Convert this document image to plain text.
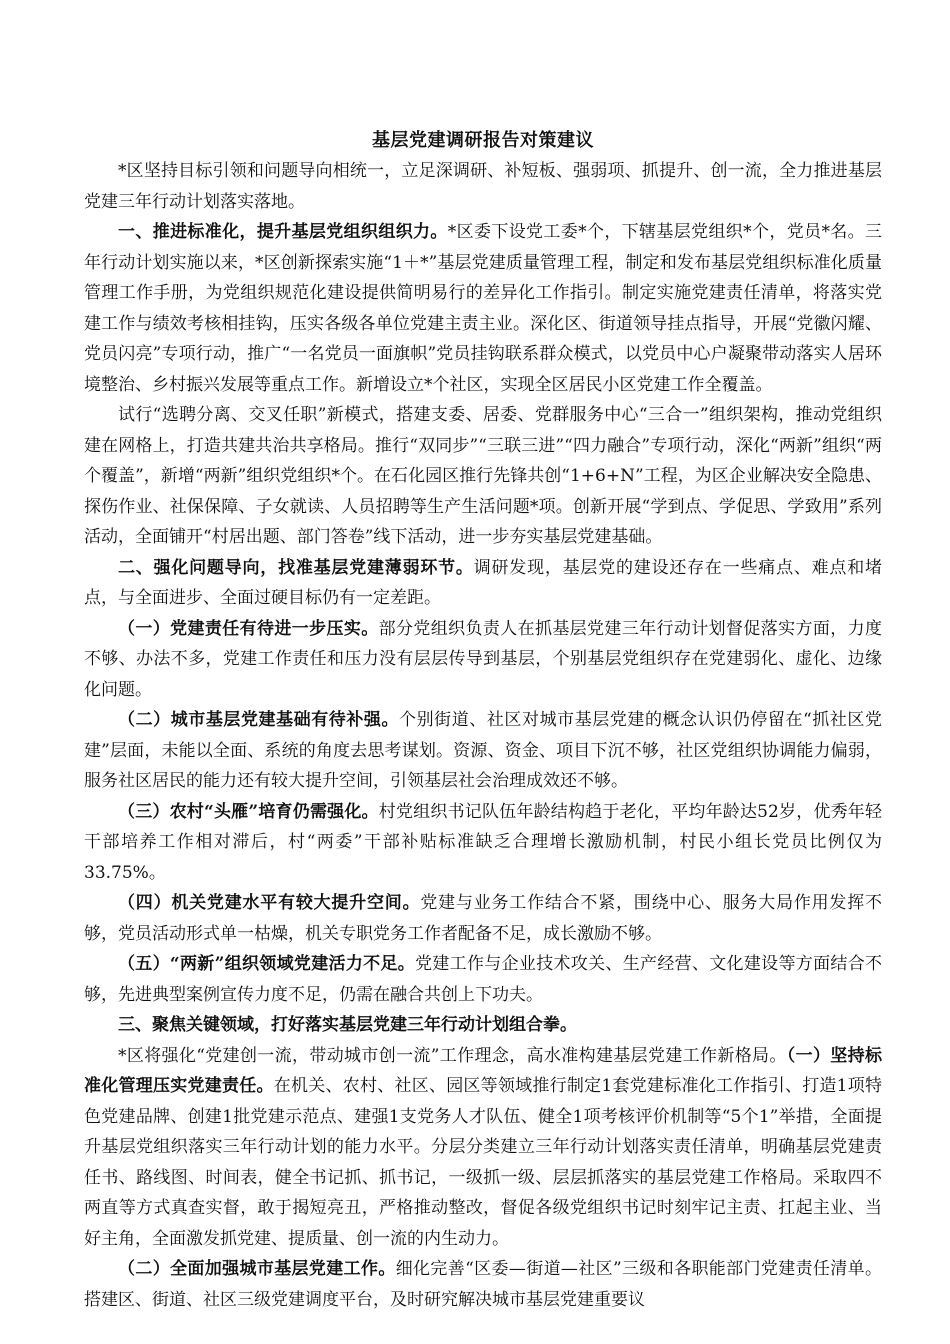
基层党建调研报告对策建议

*区坚持目标引领和问题导向相统一，立足深调研、补短板、强弱项、抓提升、创一流，全力推进基层党建三年行动计划落实落地。

一、推进标准化，提升基层党组织组织力。*区委下设党工委*个，下辖基层党组织*个，党员*名。三年行动计划实施以来，*区创新探索实施“1＋*”基层党建质量管理工程，制定和发布基层党组织标准化质量管理工作手册，为党组织规范化建设提供简明易行的差异化工作指引。制定实施党建责任清单，将落实党建工作与绩效考核相挂钩，压实各级各单位党建主责主业。深化区、街道领导挂点指导，开展“党徽闪耀、党员闪亮”专项行动，推广“一名党员一面旗帜”党员挂钩联系群众模式，以党员中心户凝聚带动落实人居环境整治、乡村振兴发展等重点工作。新增设立*个社区，实现全区居民小区党建工作全覆盖。

试行“选聘分离、交叉任职”新模式，搭建支委、居委、党群服务中心“三合一”组织架构，推动党组织建在网格上，打造共建共治共享格局。推行“双同步”“三联三进”“四力融合”专项行动，深化“两新”组织“两个覆盖”，新增“两新”组织党组织*个。在石化园区推行先锋共创“1+6+N”工程，为区企业解决安全隐患、探伤作业、社保保障、子女就读、人员招聘等生产生活问题*项。创新开展“学到点、学促思、学致用”系列活动，全面铺开“村居出题、部门答卷”线下活动，进一步夯实基层党建基础。

二、强化问题导向，找准基层党建薄弱环节。调研发现，基层党的建设还存在一些痛点、难点和堵点，与全面进步、全面过硬目标仍有一定差距。

（一）党建责任有待进一步压实。部分党组织负责人在抓基层党建三年行动计划督促落实方面，力度不够、办法不多，党建工作责任和压力没有层层传导到基层，个别基层党组织存在党建弱化、虚化、边缘化问题。

（二）城市基层党建基础有待补强。个别街道、社区对城市基层党建的概念认识仍停留在“抓社区党建”层面，未能以全面、系统的角度去思考谋划。资源、资金、项目下沉不够，社区党组织协调能力偏弱，服务社区居民的能力还有较大提升空间，引领基层社会治理成效还不够。

（三）农村“头雁”培育仍需强化。村党组织书记队伍年龄结构趋于老化，平均年龄达52岁，优秀年轻干部培养工作相对滞后，村“两委”干部补贴标准缺乏合理增长激励机制，村民小组长党员比例仅为33.75%。

（四）机关党建水平有较大提升空间。党建与业务工作结合不紧，围绕中心、服务大局作用发挥不够，党员活动形式单一枯燥，机关专职党务工作者配备不足，成长激励不够。

（五）“两新”组织领域党建活力不足。党建工作与企业技术攻关、生产经营、文化建设等方面结合不够，先进典型案例宣传力度不足，仍需在融合共创上下功夫。

三、聚焦关键领域，打好落实基层党建三年行动计划组合拳。

*区将强化“党建创一流，带动城市创一流”工作理念，高水准构建基层党建工作新格局。（一）坚持标准化管理压实党建责任。在机关、农村、社区、园区等领域推行制定1套党建标准化工作指引、打造1项特色党建品牌、创建1批党建示范点、建强1支党务人才队伍、健全1项考核评价机制等“5个1”举措，全面提升基层党组织落实三年行动计划的能力水平。分层分类建立三年行动计划落实责任清单，明确基层党建责任书、路线图、时间表，健全书记抓、抓书记，一级抓一级、层层抓落实的基层党建工作格局。采取四不两直等方式真查实督，敢于揭短亮丑，严格推动整改，督促各级党组织书记时刻牢记主责、扛起主业、当好主角，全面激发抓党建、提质量、创一流的内生动力。

（二）全面加强城市基层党建工作。细化完善“区委—街道—社区”三级和各职能部门党建责任清单。搭建区、街道、社区三级党建调度平台，及时研究解决城市基层党建重要议
